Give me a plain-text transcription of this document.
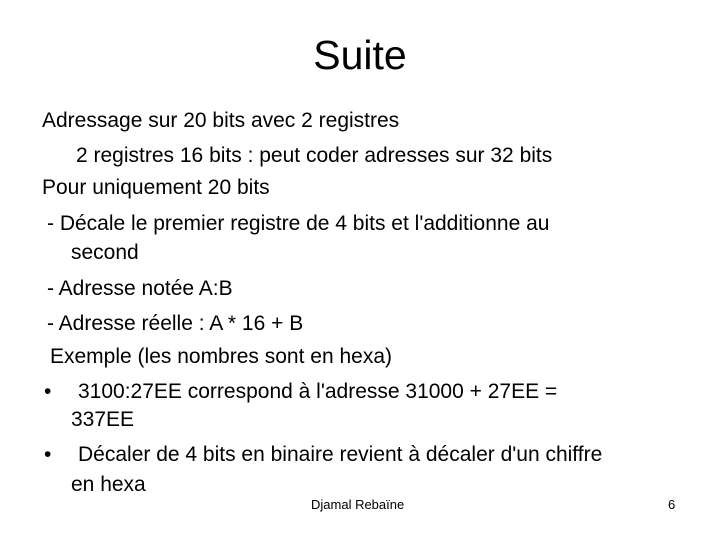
Suite
Adressage sur 20 bits avec 2 registres
2 registres 16 bits : peut coder adresses sur 32 bits
Pour uniquement 20 bits
- Décale le premier registre de 4 bits et l'additionne au
second
- Adresse notée A:B
- Adresse réelle : A * 16 + B
Exemple (les nombres sont en hexa)
• 3100:27EE correspond à l'adresse 31000 + 27EE =
337EE
• Décaler de 4 bits en binaire revient à décaler d'un chiffre
en hexa
Djamal Rebaïne	6
